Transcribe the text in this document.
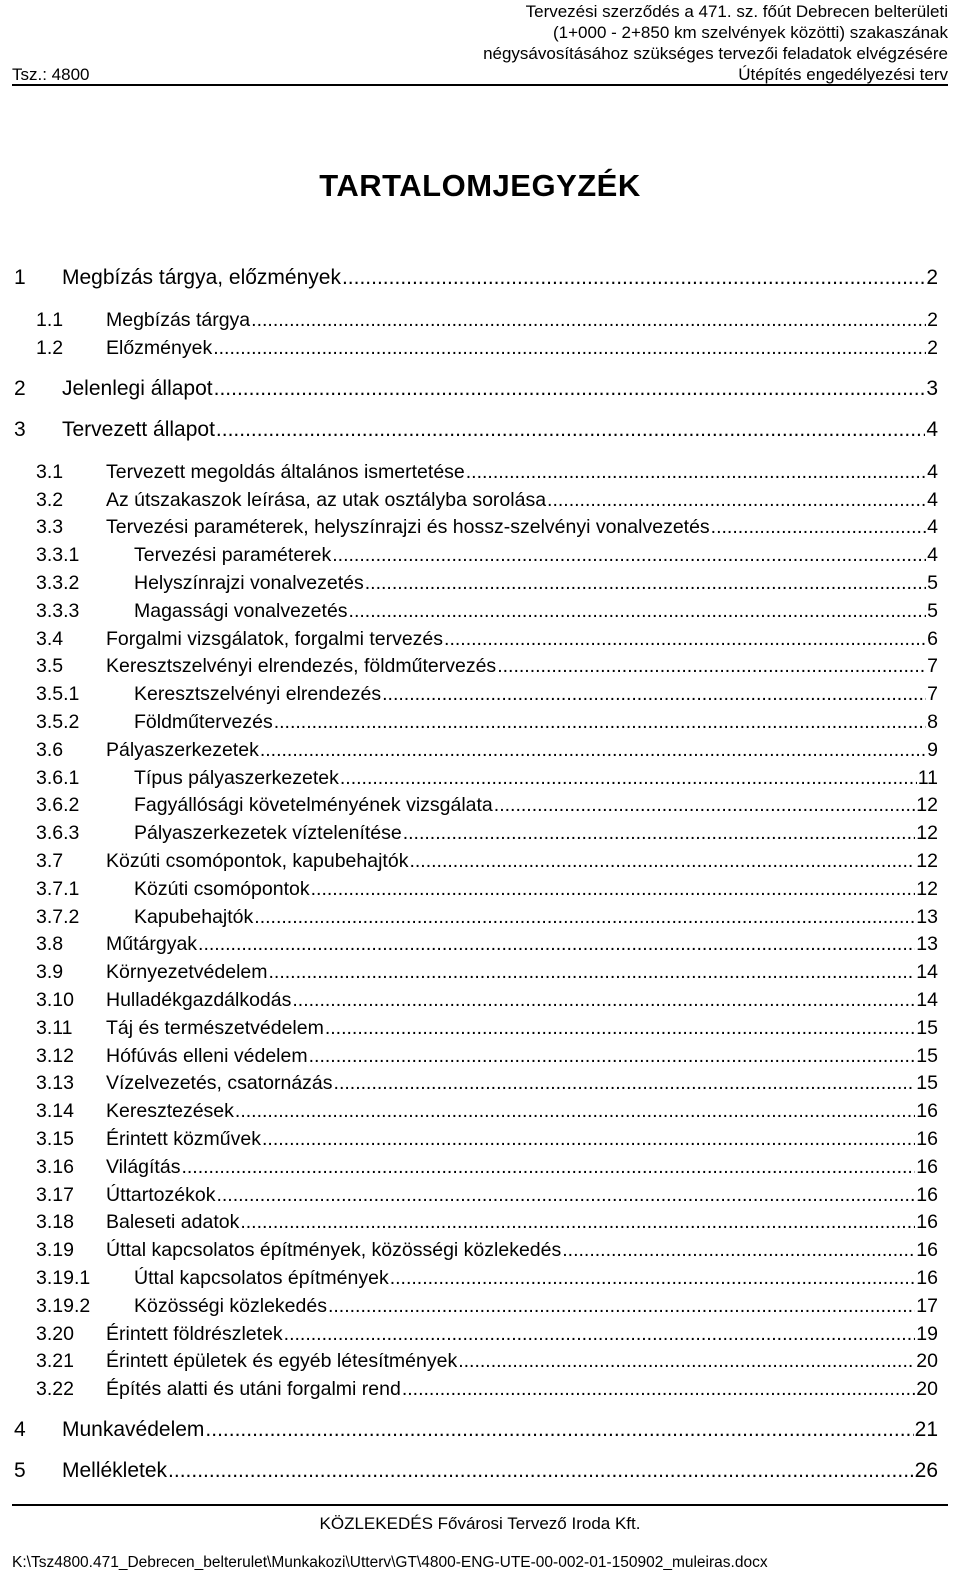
Tervezési szerződés a 471. sz. főút Debrecen belterületi
(1+000 - 2+850 km szelvények közötti) szakaszának
négysávosításához szükséges tervezői feladatok elvégzésére
Útépítés engedélyezési terv
Tsz.: 4800
TARTALOMJEGYZÉK
1	Megbízás tárgya, előzmények .....	2
1.1	Megbízás tárgya .....	2
1.2	Előzmények .....	2
2	Jelenlegi állapot .....	3
3	Tervezett állapot .....	4
3.1	Tervezett megoldás általános ismertetése .....	4
3.2	Az útszakaszok leírása, az utak osztályba sorolása .....	4
3.3	Tervezési paraméterek, helyszínrajzi és hossz-szelvényi vonalvezetés .....	4
3.3.1	Tervezési paraméterek .....	4
3.3.2	Helyszínrajzi vonalvezetés .....	5
3.3.3	Magassági vonalvezetés .....	5
3.4	Forgalmi vizsgálatok, forgalmi tervezés .....	6
3.5	Keresztszelvényi elrendezés, földműtervezés .....	7
3.5.1	Keresztszelvényi elrendezés .....	7
3.5.2	Földműtervezés .....	8
3.6	Pályaszerkezetek .....	9
3.6.1	Típus pályaszerkezetek .....	11
3.6.2	Fagyállósági követelményének vizsgálata .....	12
3.6.3	Pályaszerkezetek víztelenítése .....	12
3.7	Közúti csomópontok, kapubehajtók .....	12
3.7.1	Közúti csomópontok .....	12
3.7.2	Kapubehajtók .....	13
3.8	Műtárgyak .....	13
3.9	Környezetvédelem .....	14
3.10	Hulladékgazdálkodás .....	14
3.11	Táj és természetvédelem .....	15
3.12	Hófúvás elleni védelem .....	15
3.13	Vízelvezetés, csatornázás .....	15
3.14	Keresztezések .....	16
3.15	Érintett közművek .....	16
3.16	Világítás .....	16
3.17	Úttartozékok .....	16
3.18	Baleseti adatok .....	16
3.19	Úttal kapcsolatos építmények, közösségi közlekedés .....	16
3.19.1	Úttal kapcsolatos építmények .....	16
3.19.2	Közösségi közlekedés .....	17
3.20	Érintett földrészletek .....	19
3.21	Érintett épületek és egyéb létesítmények .....	20
3.22	Építés alatti és utáni forgalmi rend .....	20
4	Munkavédelem .....	21
5	Mellékletek .....	26
KÖZLEKEDÉS Fővárosi Tervező Iroda Kft.
K:\Tsz4800.471_Debrecen_belterulet\Munkakozi\Utterv\GT\4800-ENG-UTE-00-002-01-150902_muleiras.docx
